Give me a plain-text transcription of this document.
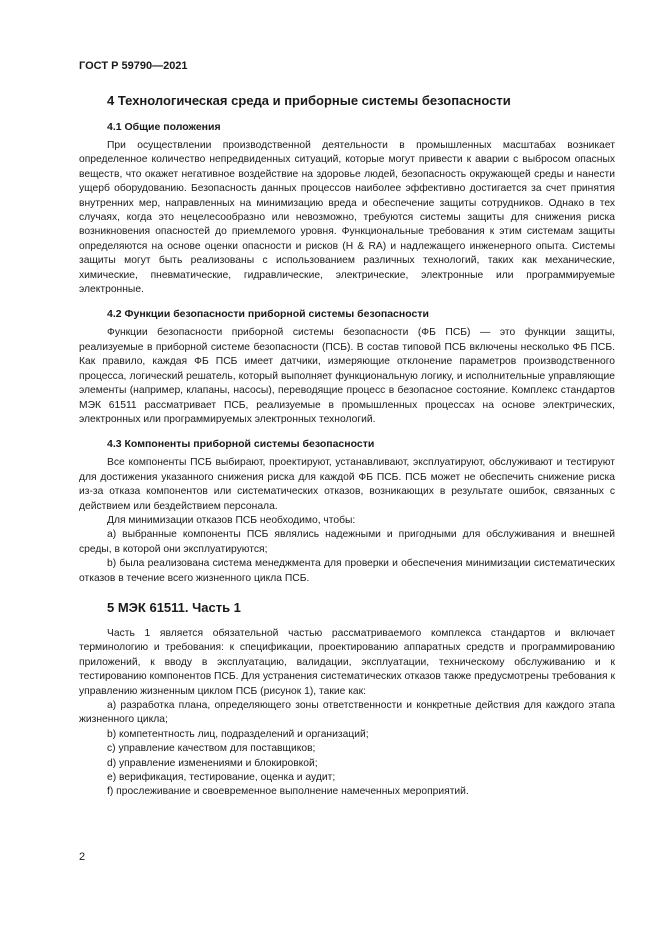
ГОСТ Р 59790—2021
4 Технологическая среда и приборные системы безопасности
4.1 Общие положения

При осуществлении производственной деятельности в промышленных масштабах возникает определенное количество непредвиденных ситуаций, которые могут привести к аварии с выбросом опасных веществ, что окажет негативное воздействие на здоровье людей, безопасность окружающей среды и нанести ущерб оборудованию. Безопасность данных процессов наиболее эффективно достигается за счет принятия внутренних мер, направленных на минимизацию вреда и обеспечение защиты сотрудников. Однако в тех случаях, когда это нецелесообразно или невозможно, требуются системы защиты для снижения риска возникновения опасностей до приемлемого уровня. Функциональные требования к этим системам защиты определяются на основе оценки опасности и рисков (H & RA) и надлежащего инженерного опыта. Системы защиты могут быть реализованы с использованием различных технологий, таких как механические, химические, пневматические, гидравлические, электрические, электронные или программируемые электронные.

4.2 Функции безопасности приборной системы безопасности

Функции безопасности приборной системы безопасности (ФБ ПСБ) — это функции защиты, реализуемые в приборной системе безопасности (ПСБ). В состав типовой ПСБ включены несколько ФБ ПСБ. Как правило, каждая ФБ ПСБ имеет датчики, измеряющие отклонение параметров производственного процесса, логический решатель, который выполняет функциональную логику, и исполнительные управляющие элементы (например, клапаны, насосы), переводящие процесс в безопасное состояние. Комплекс стандартов МЭК 61511 рассматривает ПСБ, реализуемые в промышленных процессах на основе электрических, электронных или программируемых электронных технологий.

4.3 Компоненты приборной системы безопасности

Все компоненты ПСБ выбирают, проектируют, устанавливают, эксплуатируют, обслуживают и тестируют для достижения указанного снижения риска для каждой ФБ ПСБ. ПСБ может не обеспечить снижение риска из-за отказа компонентов или систематических отказов, возникающих в результате ошибок, связанных с действием или бездействием персонала.

Для минимизации отказов ПСБ необходимо, чтобы:

a) выбранные компоненты ПСБ являлись надежными и пригодными для обслуживания и внешней среды, в которой они эксплуатируются;
b) была реализована система менеджмента для проверки и обеспечения минимизации систематических отказов в течение всего жизненного цикла ПСБ.
5 МЭК 61511. Часть 1

Часть 1 является обязательной частью рассматриваемого комплекса стандартов и включает терминологию и требования: к спецификации, проектированию аппаратных средств и программированию приложений, к вводу в эксплуатацию, валидации, эксплуатации, техническому обслуживанию и к тестированию компонентов ПСБ. Для устранения систематических отказов также предусмотрены требования к управлению жизненным циклом ПСБ (рисунок 1), такие как:

a) разработка плана, определяющего зоны ответственности и конкретные действия для каждого этапа жизненного цикла;
b) компетентность лиц, подразделений и организаций;
c) управление качеством для поставщиков;
d) управление изменениями и блокировкой;
e) верификация, тестирование, оценка и аудит;
f) прослеживание и своевременное выполнение намеченных мероприятий.
2
